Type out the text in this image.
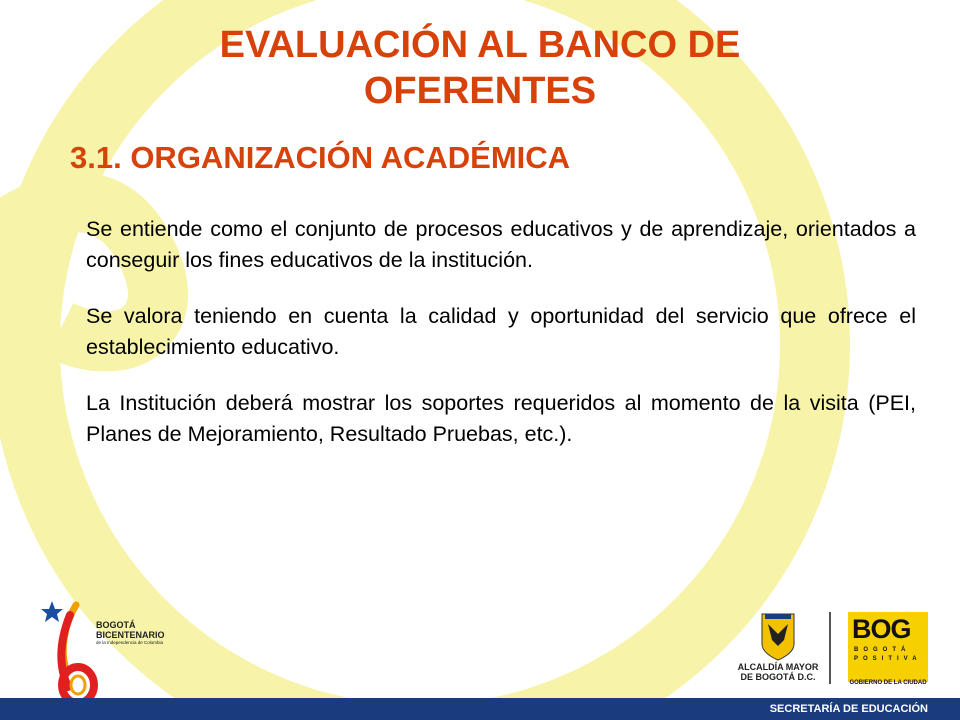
EVALUACIÓN AL BANCO DE OFERENTES
3.1. ORGANIZACIÓN ACADÉMICA

Se entiende como el conjunto de procesos educativos y de aprendizaje, orientados a conseguir los fines educativos de la institución.

Se valora teniendo en cuenta la calidad y oportunidad del servicio que ofrece el establecimiento educativo.

La Institución deberá mostrar los soportes requeridos al momento de la visita (PEI, Planes de Mejoramiento, Resultado Pruebas, etc.).

BOGOTÁ
BICENTENARIO
de la Independencia de Colombia
ALCALDÍA MAYOR
DE BOGOTÁ D.C.
BOG
BOGOTÁ
POSITIVA
GOBIERNO DE LA CIUDAD
SECRETARÍA DE EDUCACIÓN
